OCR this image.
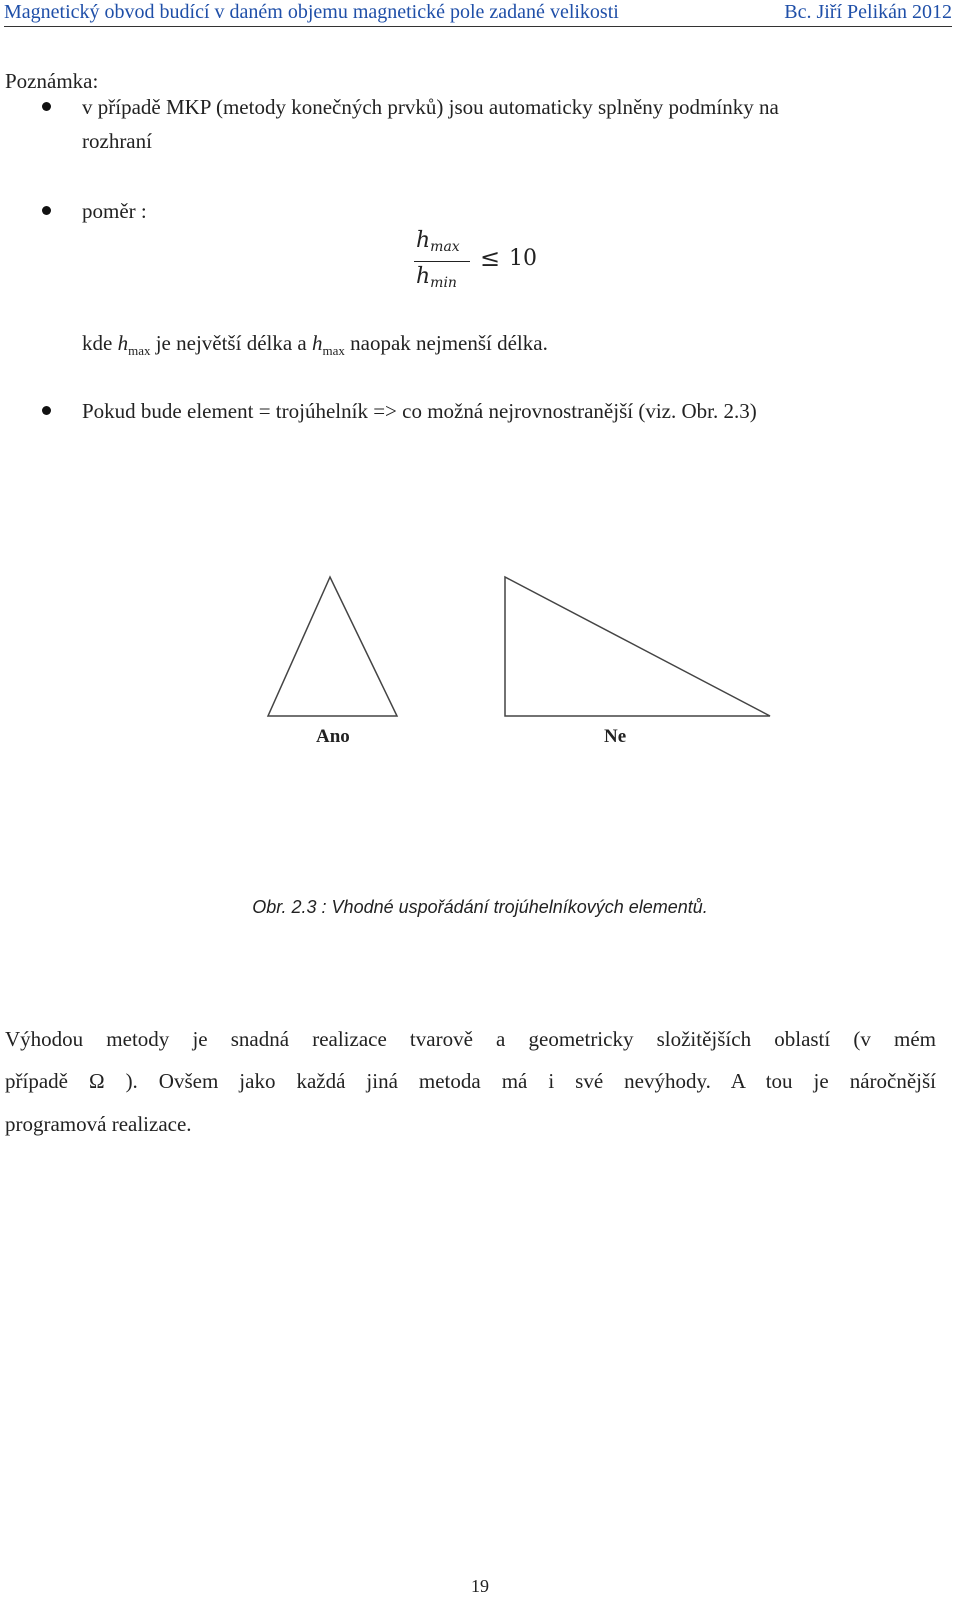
Magnetický obvod budící v daném objemu magnetické pole zadané velikosti	Bc. Jiří Pelikán 2012
Poznámka:
v případě MKP (metody konečných prvků) jsou automaticky splněny podmínky na
rozhraní
poměr :
hmax
hmin
≤ 10
kde $h_{max}$ je největší délka a $h_{max}$ naopak nejmenší délka.
Pokud bude element = trojúhelník => co možná nejrovnostranější (viz. Obr. 2.3)
Ano	Ne
Obr. 2.3 : Vhodné uspořádání trojúhelníkových elementů.
Výhodou metody je snadná realizace tvarově a geometricky složitějších oblastí (v mém
případě Ω ). Ovšem jako každá jiná metoda má i své nevýhody. A tou je náročnější
programová realizace.
19
